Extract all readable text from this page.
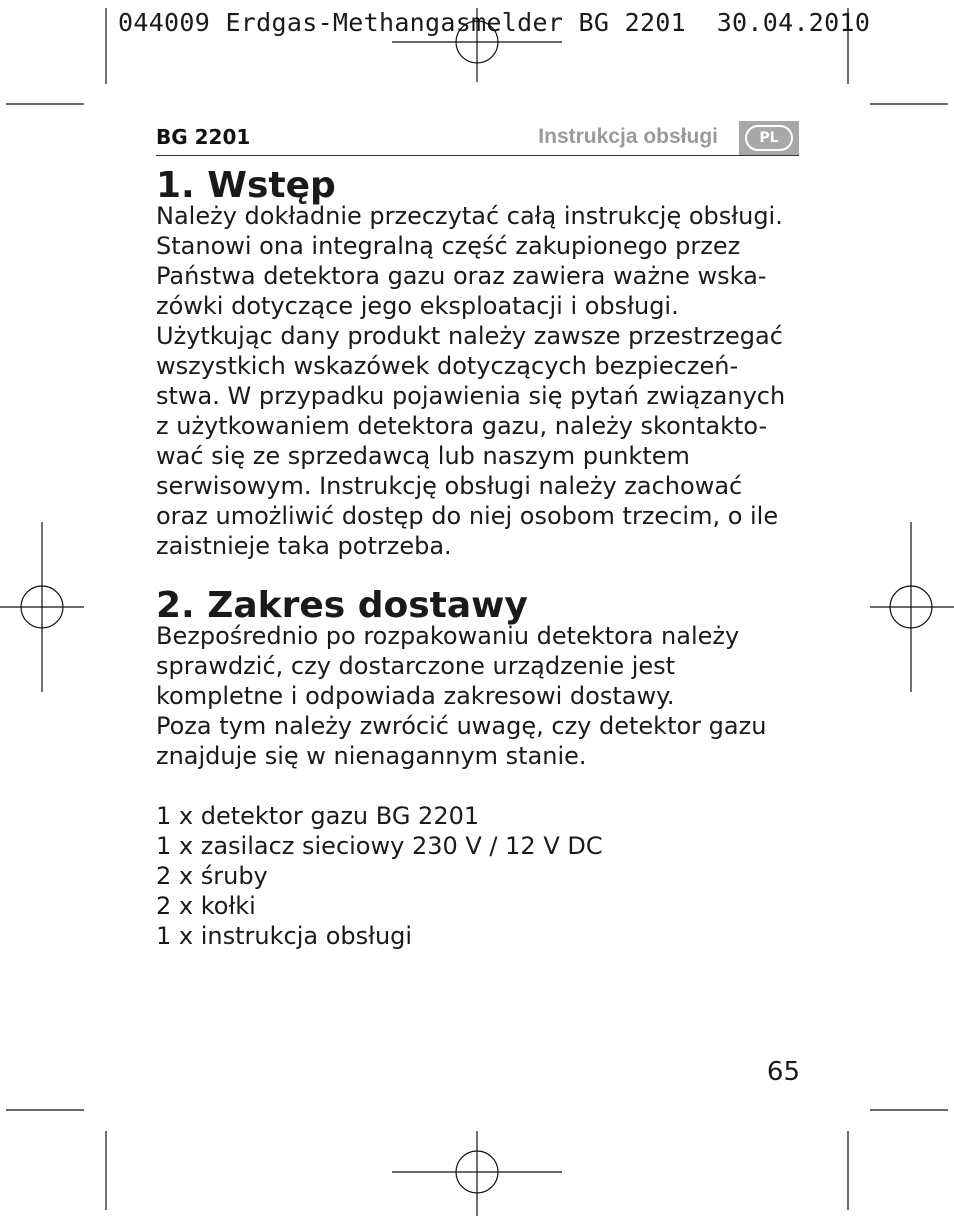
044009 Erdgas-Methangasmelder BG 2201  30.04.2010
BG 2201	Instrukcja obsługi	PL
1. Wstęp
Należy dokładnie przeczytać całą instrukcję obsługi.
Stanowi ona integralną część zakupionego przez
Państwa detektora gazu oraz zawiera ważne wska-
zówki dotyczące jego eksploatacji i obsługi.
Użytkując dany produkt należy zawsze przestrzegać
wszystkich wskazówek dotyczących bezpieczeń-
stwa. W przypadku pojawienia się pytań związanych
z użytkowaniem detektora gazu, należy skontakto-
wać się ze sprzedawcą lub naszym punktem
serwisowym. Instrukcję obsługi należy zachować
oraz umożliwić dostęp do niej osobom trzecim, o ile
zaistnieje taka potrzeba.
2. Zakres dostawy
Bezpośrednio po rozpakowaniu detektora należy
sprawdzić, czy dostarczone urządzenie jest
kompletne i odpowiada zakresowi dostawy.
Poza tym należy zwrócić uwagę, czy detektor gazu
znajduje się w nienagannym stanie.
1 x detektor gazu BG 2201
1 x zasilacz sieciowy 230 V / 12 V DC
2 x śruby
2 x kołki
1 x instrukcja obsługi
65
